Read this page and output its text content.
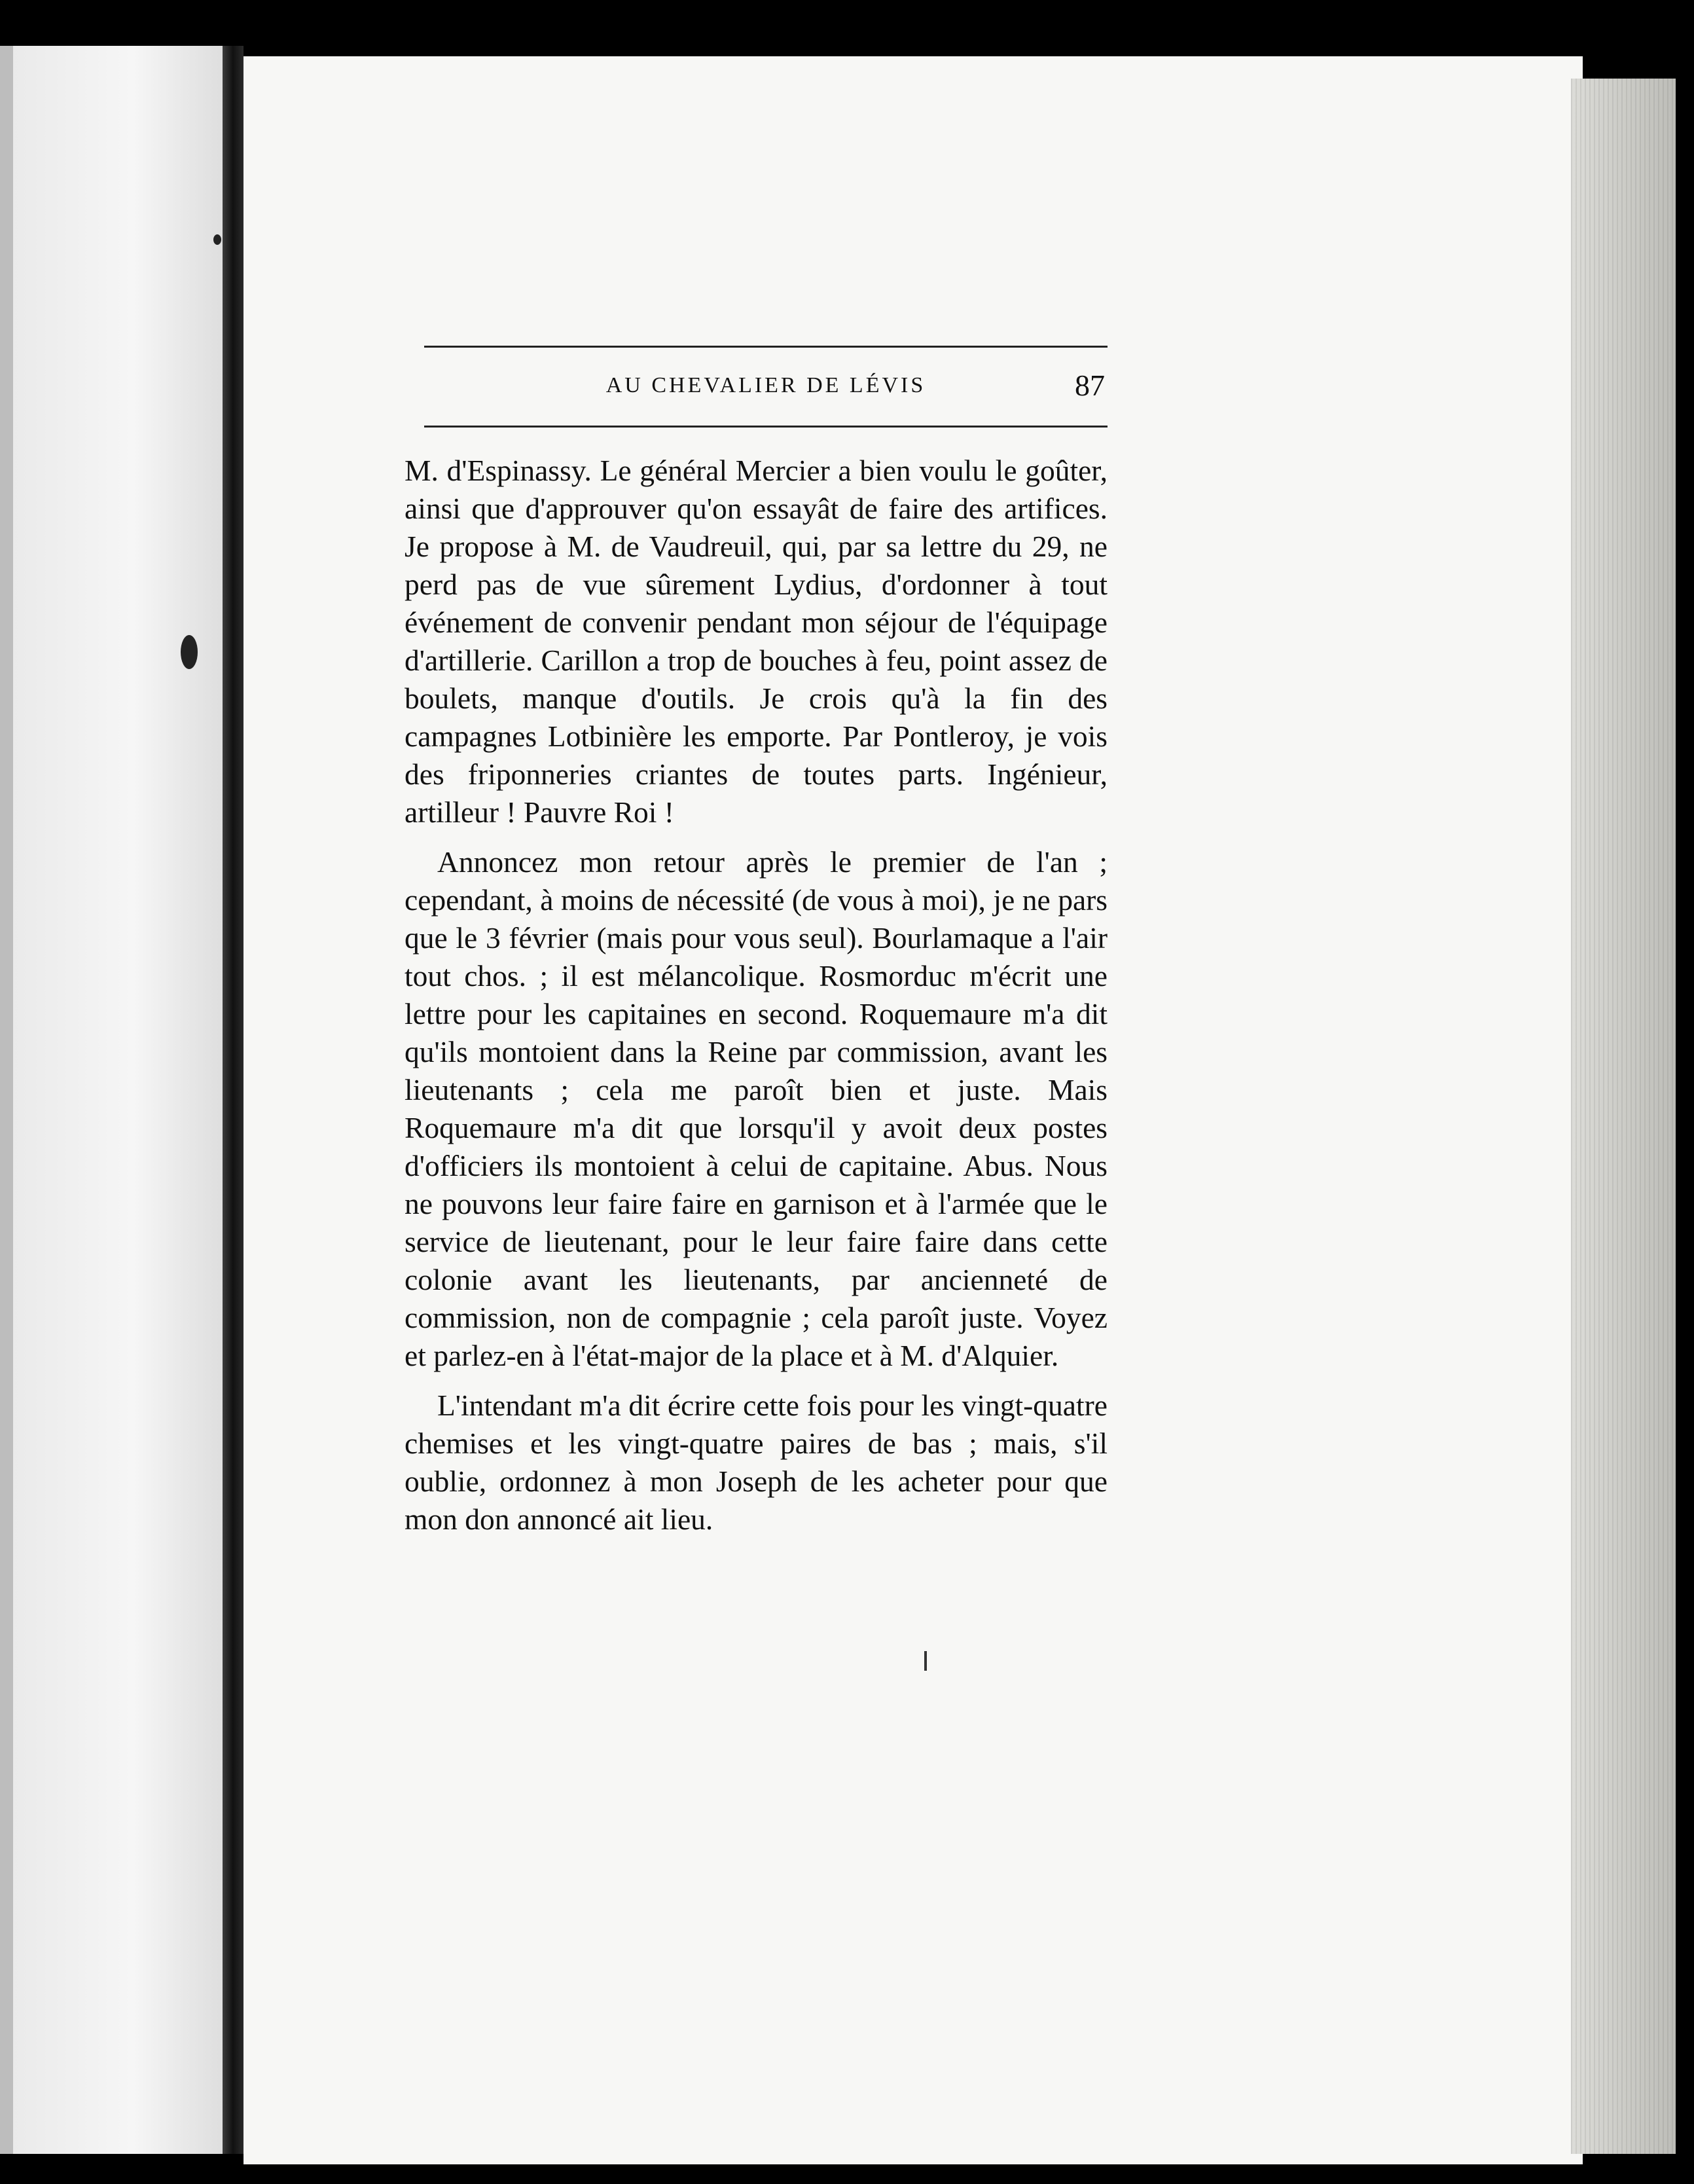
AU CHEVALIER DE LÉVIS	87

M. d'Espinassy. Le général Mercier a bien voulu le goûter, ainsi que d'approuver qu'on essayât de faire des artifices. Je propose à M. de Vaudreuil, qui, par sa lettre du 29, ne perd pas de vue sûrement Lydius, d'ordonner à tout événement de convenir pendant mon séjour de l'équipage d'artillerie. Carillon a trop de bouches à feu, point assez de boulets, manque d'outils. Je crois qu'à la fin des campagnes Lotbinière les emporte. Par Pontleroy, je vois des friponneries criantes de toutes parts. Ingénieur, artilleur ! Pauvre Roi !

Annoncez mon retour après le premier de l'an ; cependant, à moins de nécessité (de vous à moi), je ne pars que le 3 février (mais pour vous seul). Bourlamaque a l'air tout chos. ; il est mélancolique. Rosmorduc m'écrit une lettre pour les capitaines en second. Roquemaure m'a dit qu'ils montoient dans la Reine par commission, avant les lieutenants ; cela me paroît bien et juste. Mais Roquemaure m'a dit que lorsqu'il y avoit deux postes d'officiers ils montoient à celui de capitaine. Abus. Nous ne pouvons leur faire faire en garnison et à l'armée que le service de lieutenant, pour le leur faire faire dans cette colonie avant les lieutenants, par ancienneté de commission, non de compagnie ; cela paroît juste. Voyez et parlez-en à l'état-major de la place et à M. d'Alquier.

L'intendant m'a dit écrire cette fois pour les vingt-quatre chemises et les vingt-quatre paires de bas ; mais, s'il oublie, ordonnez à mon Joseph de les acheter pour que mon don annoncé ait lieu.
